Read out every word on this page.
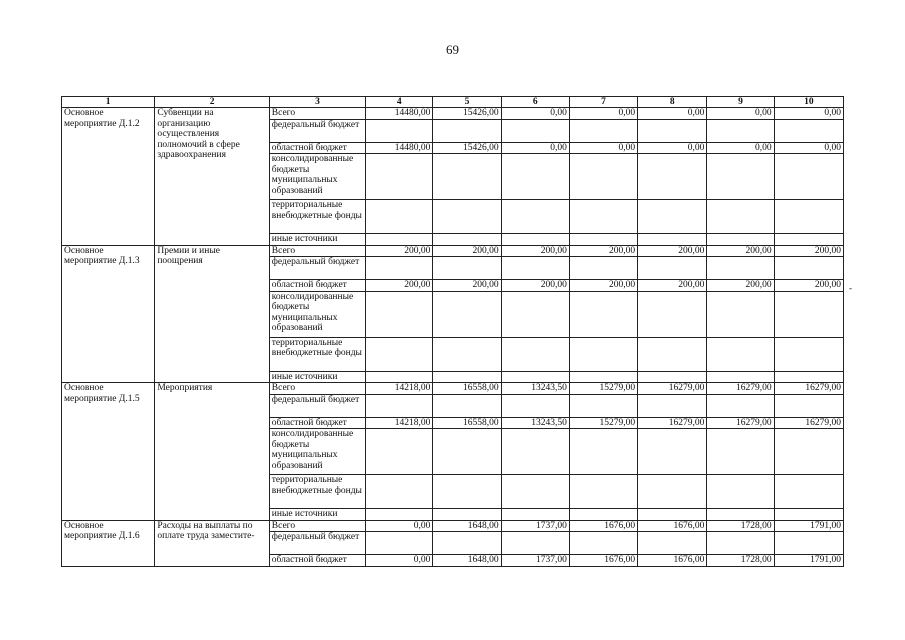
69
1	2	3	4	5	6	7	8	9	10
Основное мероприятие Д.1.2	Субвенции на организацию осуществления полномочий в сфере здравоохранения	Всего	14480,00	15426,00	0,00	0,00	0,00	0,00	0,00
		федеральный бюджет							
		областной бюджет	14480,00	15426,00	0,00	0,00	0,00	0,00	0,00
		консолидированные бюджеты муниципальных образований							
		территориальные внебюджетные фонды							
		иные источники							
Основное мероприятие Д.1.3	Премии и иные поощрения	Всего	200,00	200,00	200,00	200,00	200,00	200,00	200,00
		федеральный бюджет							
		областной бюджет	200,00	200,00	200,00	200,00	200,00	200,00	200,00
		консолидированные бюджеты муниципальных образований							
		территориальные внебюджетные фонды							
		иные источники							
Основное мероприятие Д.1.5	Мероприятия	Всего	14218,00	16558,00	13243,50	15279,00	16279,00	16279,00	16279,00
		федеральный бюджет							
		областной бюджет	14218,00	16558,00	13243,50	15279,00	16279,00	16279,00	16279,00
		консолидированные бюджеты муниципальных образований							
		территориальные внебюджетные фонды							
		иные источники							
Основное мероприятие Д.1.6	Расходы на выплаты по оплате труда заместите-	Всего	0,00	1648,00	1737,00	1676,00	1676,00	1728,00	1791,00
		федеральный бюджет							
		областной бюджет	0,00	1648,00	1737,00	1676,00	1676,00	1728,00	1791,00
-
